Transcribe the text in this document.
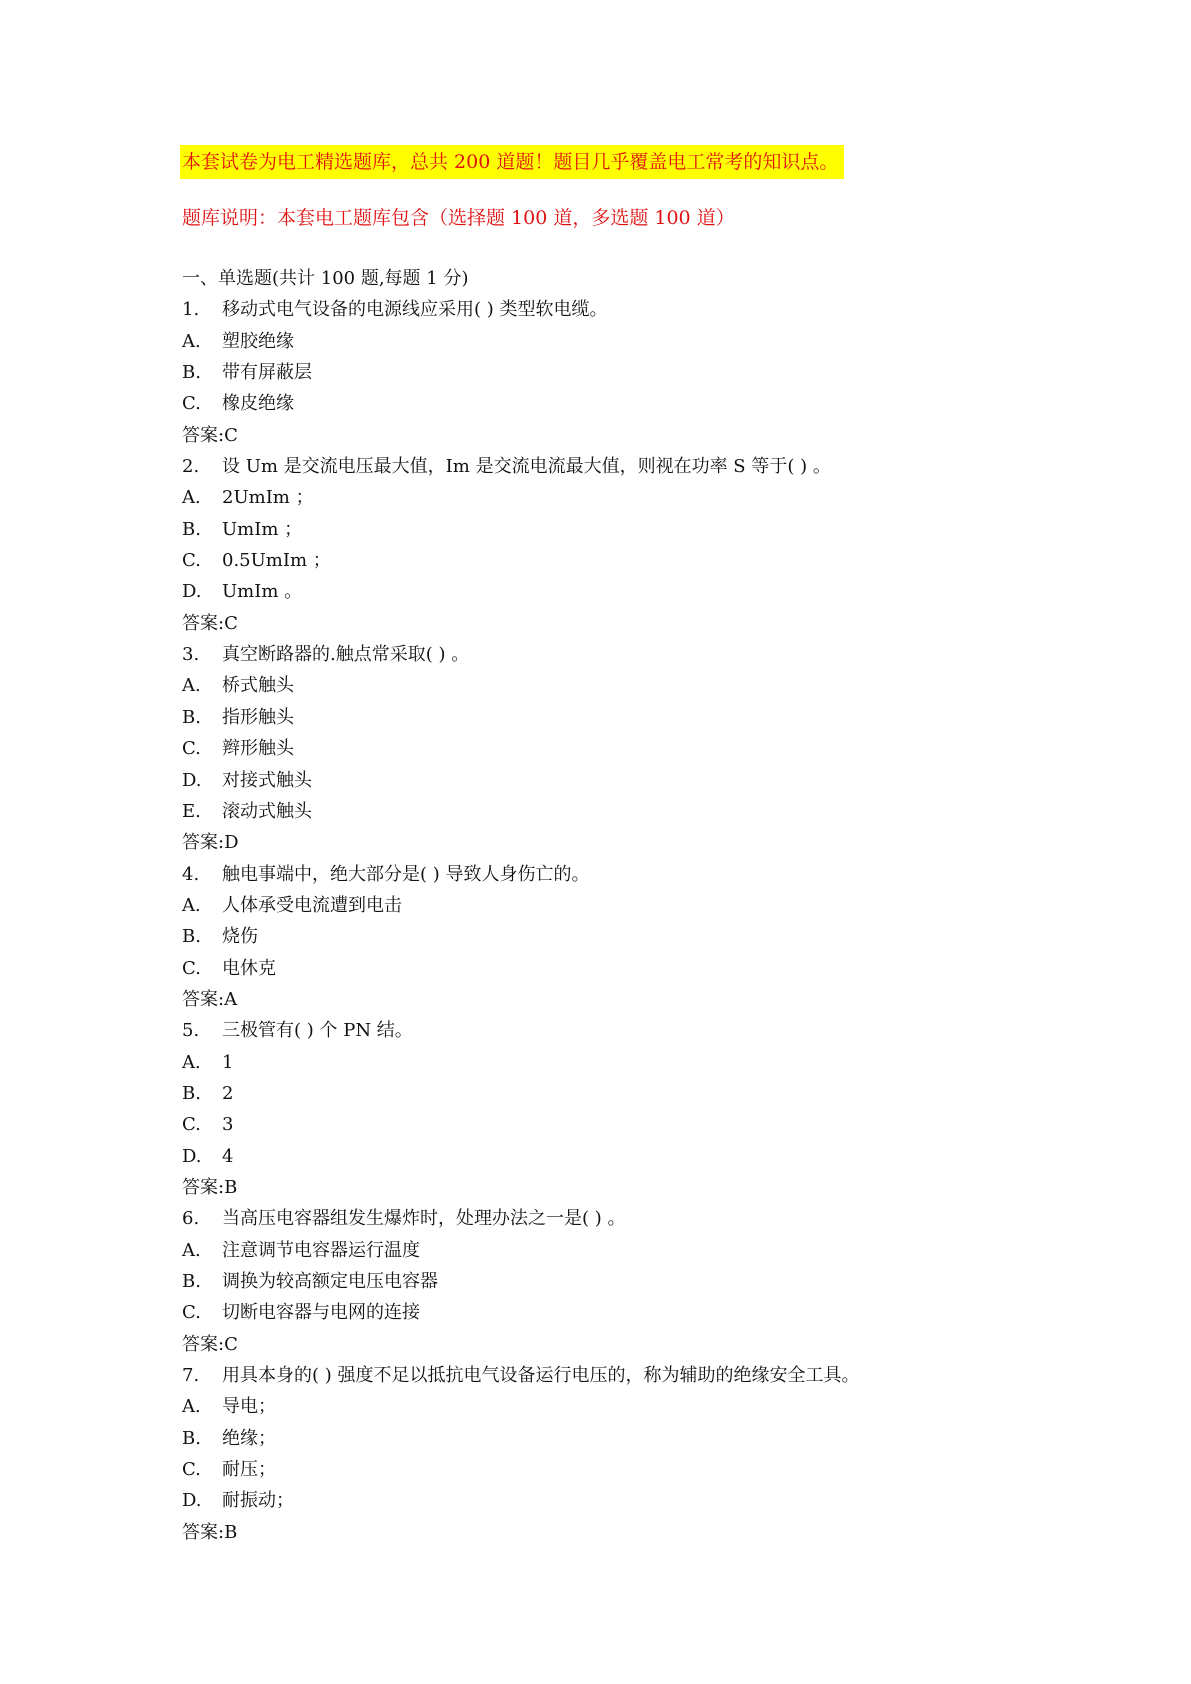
本套试卷为电工精选题库，总共 200 道题！题目几乎覆盖电工常考的知识点。
题库说明：本套电工题库包含（选择题 100 道，多选题 100 道）
一、单选题(共计 100 题,每题 1 分)
1. 移动式电气设备的电源线应采用( ) 类型软电缆。
A. 塑胶绝缘
B. 带有屏蔽层
C. 橡皮绝缘
答案:C
2. 设 Um 是交流电压最大值，Im 是交流电流最大值，则视在功率 S 等于( ) 。
A. 2UmIm ；
B. UmIm ；
C. 0.5UmIm ；
D. UmIm 。
答案:C
3. 真空断路器的.触点常采取( ) 。
A. 桥式触头
B. 指形触头
C. 辫形触头
D. 对接式触头
E. 滚动式触头
答案:D
4. 触电事端中，绝大部分是( ) 导致人身伤亡的。
A. 人体承受电流遭到电击
B. 烧伤
C. 电休克
答案:A
5. 三极管有( ) 个 PN 结。
A. 1
B. 2
C. 3
D. 4
答案:B
6. 当高压电容器组发生爆炸时，处理办法之一是( ) 。
A. 注意调节电容器运行温度
B. 调换为较高额定电压电容器
C. 切断电容器与电网的连接
答案:C
7. 用具本身的( ) 强度不足以抵抗电气设备运行电压的，称为辅助的绝缘安全工具。
A. 导电；
B. 绝缘；
C. 耐压；
D. 耐振动；
答案:B
